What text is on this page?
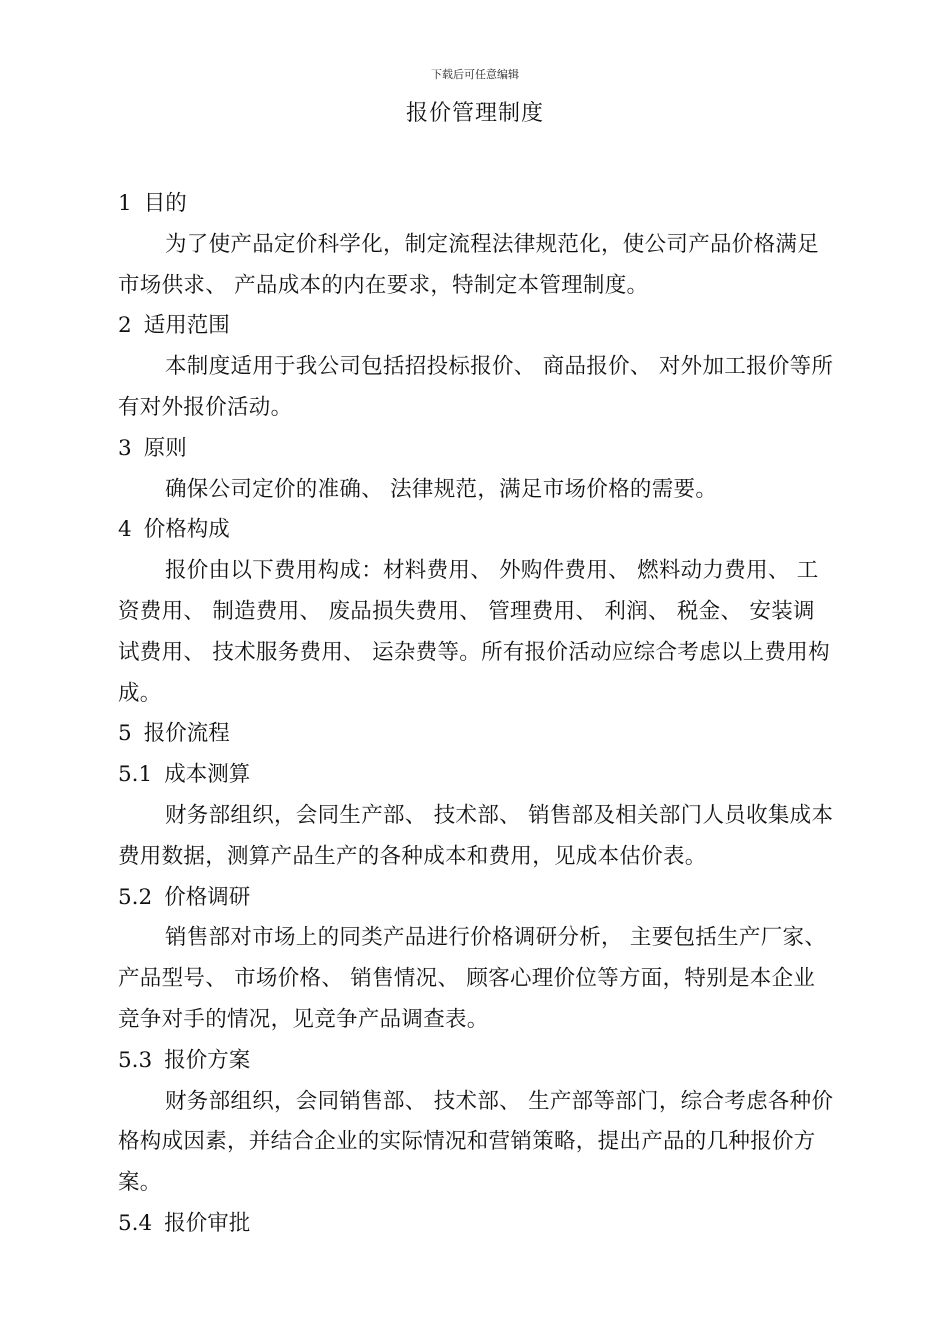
下载后可任意编辑
报价管理制度

1 目的

为了使产品定价科学化，制定流程法律规范化，使公司产品价格满足市场供求、 产品成本的内在要求，特制定本管理制度。

2 适用范围

本制度适用于我公司包括招投标报价、 商品报价、 对外加工报价等所有对外报价活动。

3 原则

确保公司定价的准确、 法律规范，满足市场价格的需要。

4 价格构成

报价由以下费用构成：材料费用、 外购件费用、 燃料动力费用、 工资费用、 制造费用、 废品损失费用、 管理费用、 利润、 税金、 安装调试费用、 技术服务费用、 运杂费等。所有报价活动应综合考虑以上费用构成。

5 报价流程

5.1 成本测算

财务部组织，会同生产部、 技术部、 销售部及相关部门人员收集成本费用数据，测算产品生产的各种成本和费用，见成本估价表。

5.2 价格调研

销售部对市场上的同类产品进行价格调研分析， 主要包括生产厂家、 产品型号、 市场价格、 销售情况、 顾客心理价位等方面，特别是本企业竞争对手的情况，见竞争产品调查表。

5.3 报价方案

财务部组织，会同销售部、 技术部、 生产部等部门，综合考虑各种价格构成因素，并结合企业的实际情况和营销策略，提出产品的几种报价方案。

5.4 报价审批
